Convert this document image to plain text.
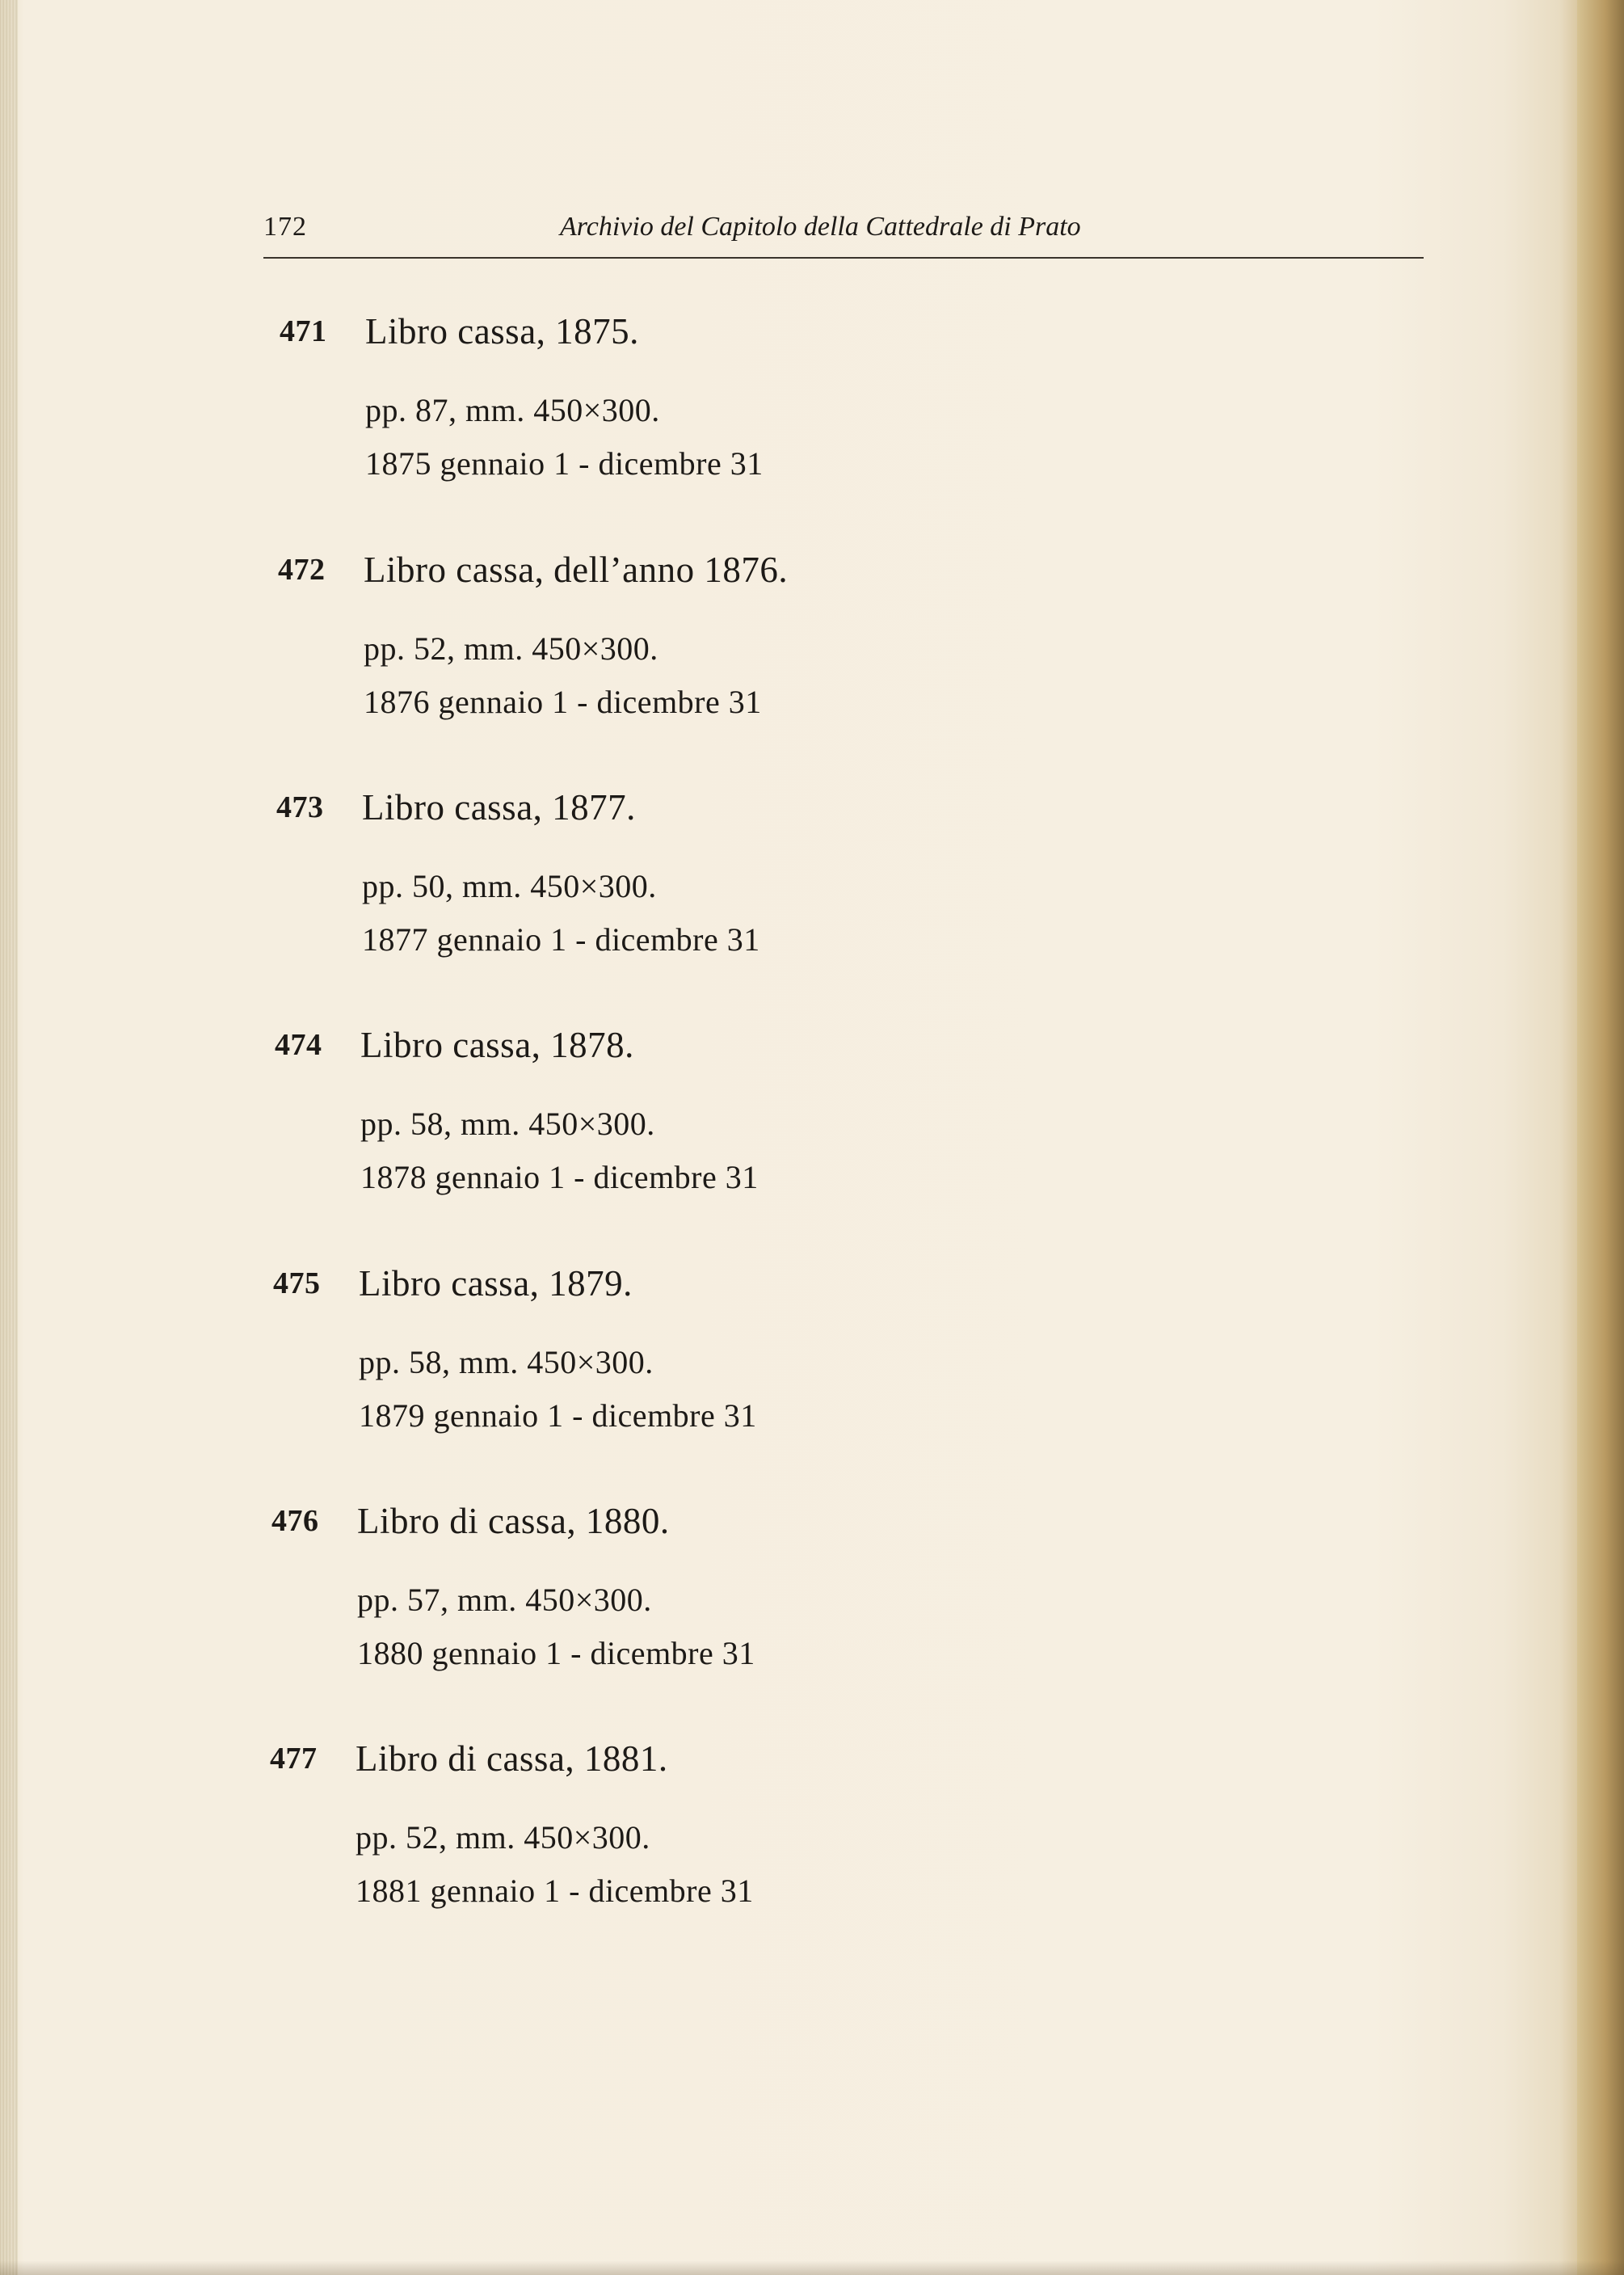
172	Archivio del Capitolo della Cattedrale di Prato
471 Libro cassa, 1875.
pp. 87, mm. 450×300.
1875 gennaio 1 - dicembre 31
472 Libro cassa, dell’anno 1876.
pp. 52, mm. 450×300.
1876 gennaio 1 - dicembre 31
473 Libro cassa, 1877.
pp. 50, mm. 450×300.
1877 gennaio 1 - dicembre 31
474 Libro cassa, 1878.
pp. 58, mm. 450×300.
1878 gennaio 1 - dicembre 31
475 Libro cassa, 1879.
pp. 58, mm. 450×300.
1879 gennaio 1 - dicembre 31
476 Libro di cassa, 1880.
pp. 57, mm. 450×300.
1880 gennaio 1 - dicembre 31
477 Libro di cassa, 1881.
pp. 52, mm. 450×300.
1881 gennaio 1 - dicembre 31
